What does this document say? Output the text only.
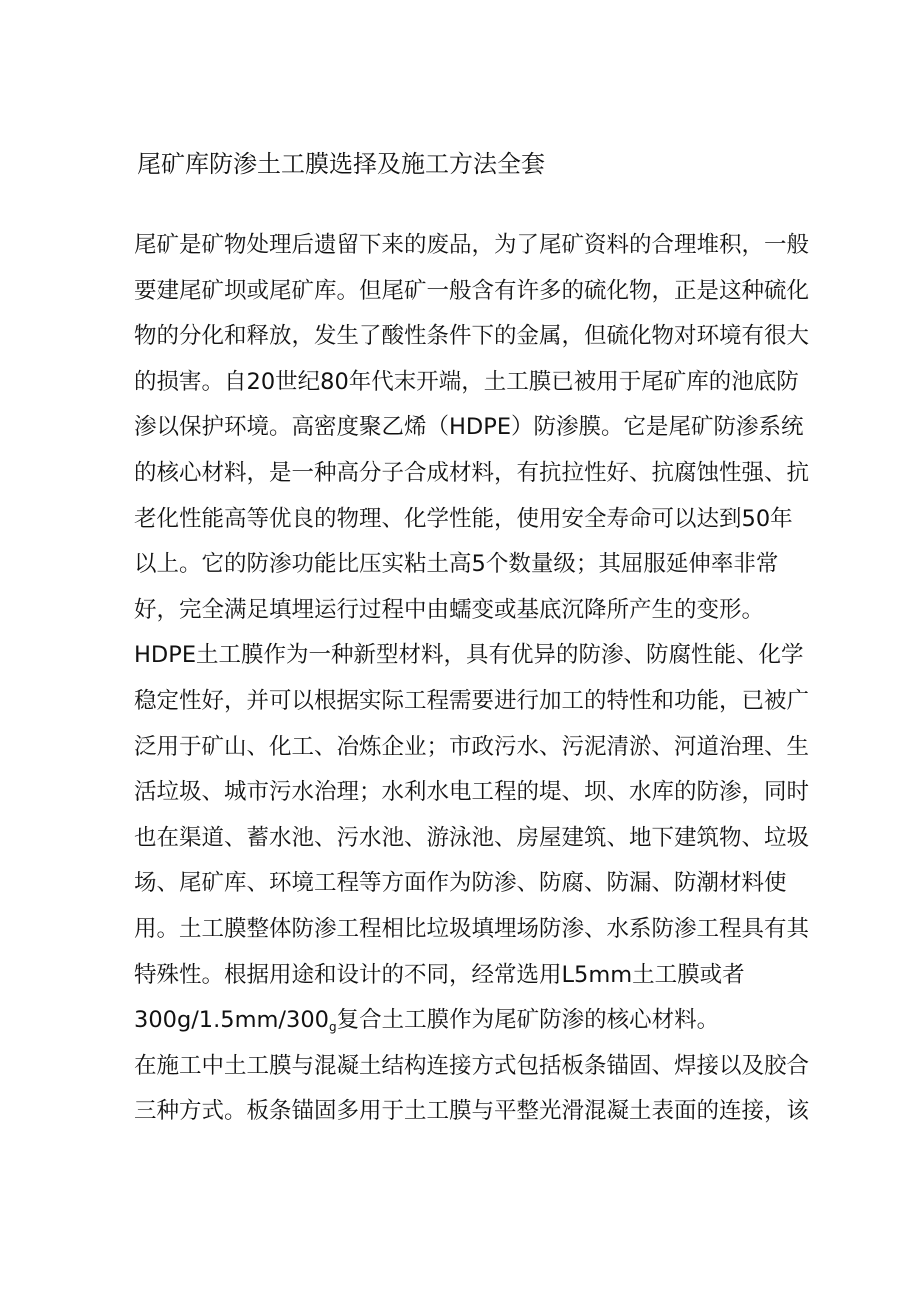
尾矿库防渗土工膜选择及施工方法全套
尾矿是矿物处理后遗留下来的废品，为了尾矿资料的合理堆积，一般
要建尾矿坝或尾矿库。但尾矿一般含有许多的硫化物，正是这种硫化
物的分化和释放，发生了酸性条件下的金属，但硫化物对环境有很大
的损害。自20世纪80年代末开端，土工膜已被用于尾矿库的池底防
渗以保护环境。高密度聚乙烯（HDPE）防渗膜。它是尾矿防渗系统
的核心材料，是一种高分子合成材料，有抗拉性好、抗腐蚀性强、抗
老化性能高等优良的物理、化学性能，使用安全寿命可以达到50年
以上。它的防渗功能比压实粘土高5个数量级；其屈服延伸率非常
好，完全满足填埋运行过程中由蠕变或基底沉降所产生的变形。
HDPE土工膜作为一种新型材料，具有优异的防渗、防腐性能、化学
稳定性好，并可以根据实际工程需要进行加工的特性和功能，已被广
泛用于矿山、化工、冶炼企业；市政污水、污泥清淤、河道治理、生
活垃圾、城市污水治理；水利水电工程的堤、坝、水库的防渗，同时
也在渠道、蓄水池、污水池、游泳池、房屋建筑、地下建筑物、垃圾
场、尾矿库、环境工程等方面作为防渗、防腐、防漏、防潮材料使
用。土工膜整体防渗工程相比垃圾填埋场防渗、水系防渗工程具有其
特殊性。根据用途和设计的不同，经常选用L5mm土工膜或者
$300g/1.5mm/300_g$复合土工膜作为尾矿防渗的核心材料。
在施工中土工膜与混凝土结构连接方式包括板条锚固、焊接以及胶合
三种方式。板条锚固多用于土工膜与平整光滑混凝土表面的连接，该
